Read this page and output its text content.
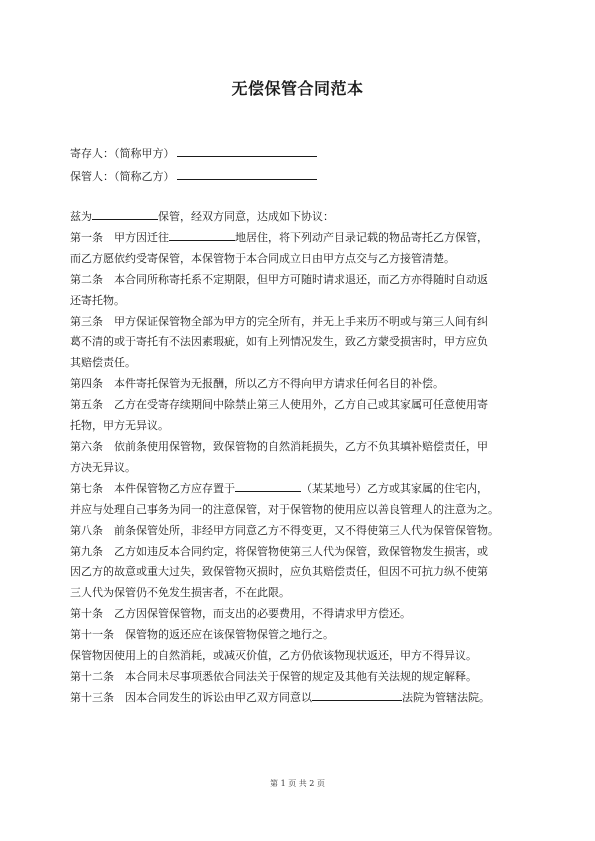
无偿保管合同范本
寄存人：（简称甲方）
保管人：（简称乙方）

兹为	保管，经双方同意，达成如下协议：

第一条　甲方因迁往	地居住，将下列动产目录记载的物品寄托乙方保管，

而乙方愿依约受寄保管，本保管物于本合同成立日由甲方点交与乙方接管清楚。

第二条　本合同所称寄托系不定期限，但甲方可随时请求退还，而乙方亦得随时自动返

还寄托物。

第三条　甲方保证保管物全部为甲方的完全所有，并无上手来历不明或与第三人间有纠

葛不清的或于寄托有不法因素瑕疵，如有上列情况发生，致乙方蒙受损害时，甲方应负

其赔偿责任。

第四条　本件寄托保管为无报酬，所以乙方不得向甲方请求任何名目的补偿。

第五条　乙方在受寄存续期间中除禁止第三人使用外，乙方自己或其家属可任意使用寄

托物，甲方无异议。

第六条　依前条使用保管物，致保管物的自然消耗损失，乙方不负其填补赔偿责任，甲

方决无异议。

第七条　本件保管物乙方应存置于	（某某地号）乙方或其家属的住宅内，

并应与处理自己事务为同一的注意保管，对于保管物的使用应以善良管理人的注意为之。

第八条　前条保管处所，非经甲方同意乙方不得变更，又不得使第三人代为保管保管物。

第九条　乙方如违反本合同约定，将保管物使第三人代为保管，致保管物发生损害，或

因乙方的故意或重大过失，致保管物灭损时，应负其赔偿责任，但因不可抗力纵不使第

三人代为保管仍不免发生损害者，不在此限。

第十条　乙方因保管保管物，而支出的必要费用，不得请求甲方偿还。

第十一条　保管物的返还应在该保管物保管之地行之。

保管物因使用上的自然消耗，或减灭价值，乙方仍依该物现状返还，甲方不得异议。

第十二条　本合同未尽事项悉依合同法关于保管的规定及其他有关法规的规定解释。

第十三条　因本合同发生的诉讼由甲乙双方同意以	法院为管辖法院。

第 1 页 共 2 页
